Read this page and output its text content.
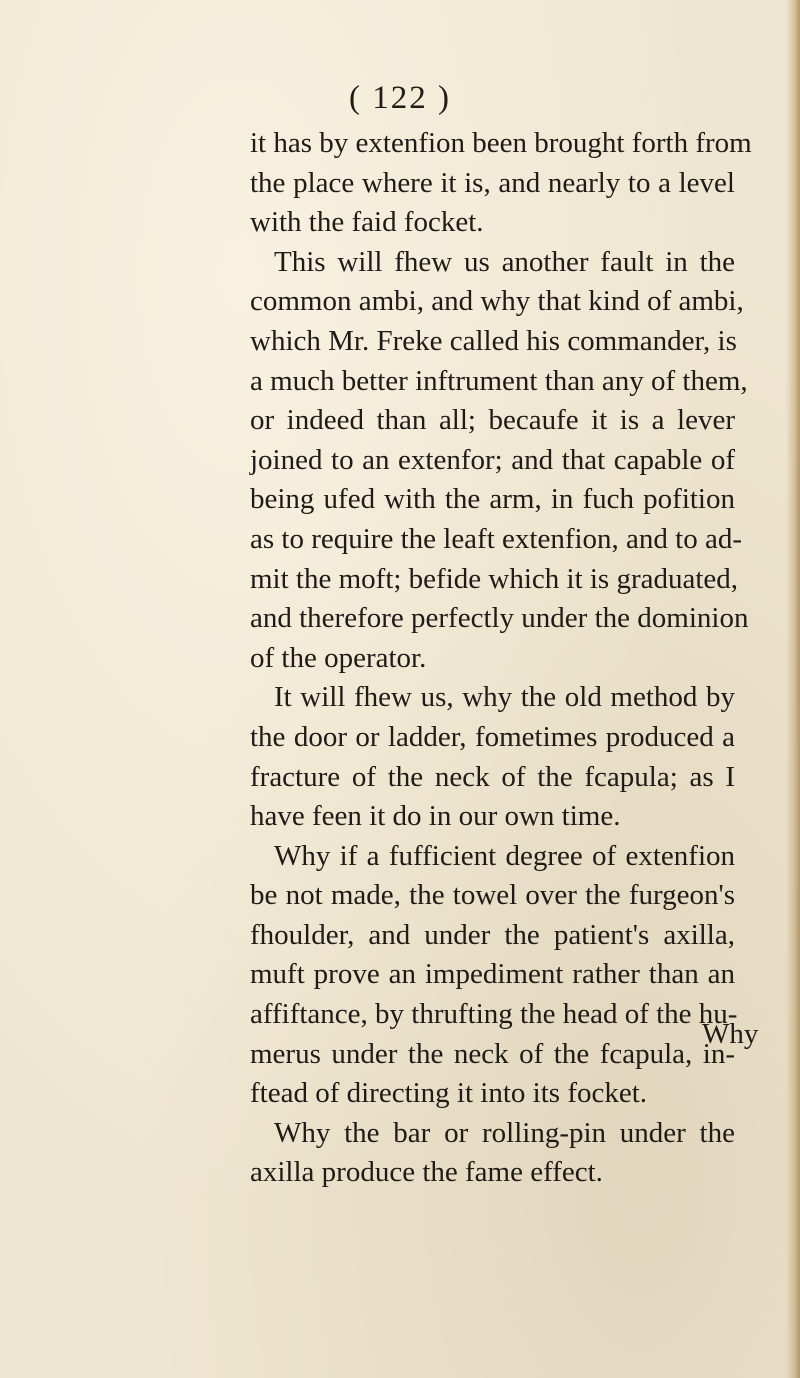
( 122 )
it has by extenfion been brought forth from
the place where it is, and nearly to a level
with the faid focket.
This will fhew us another fault in the
common ambi, and why that kind of ambi,
which Mr. Freke called his commander, is
a much better inftrument than any of them,
or indeed than all; becaufe it is a lever
joined to an extenfor; and that capable of
being ufed with the arm, in fuch pofition
as to require the leaft extenfion, and to ad-
mit the moft; befide which it is graduated,
and therefore perfectly under the dominion
of the operator.
It will fhew us, why the old method by
the door or ladder, fometimes produced a
fracture of the neck of the fcapula; as I
have feen it do in our own time.
Why if a fufficient degree of extenfion
be not made, the towel over the furgeon's
fhoulder, and under the patient's axilla,
muft prove an impediment rather than an
affiftance, by thrufting the head of the hu-
merus under the neck of the fcapula, in-
ftead of directing it into its focket.
Why the bar or rolling-pin under the
axilla produce the fame effect.
Why
